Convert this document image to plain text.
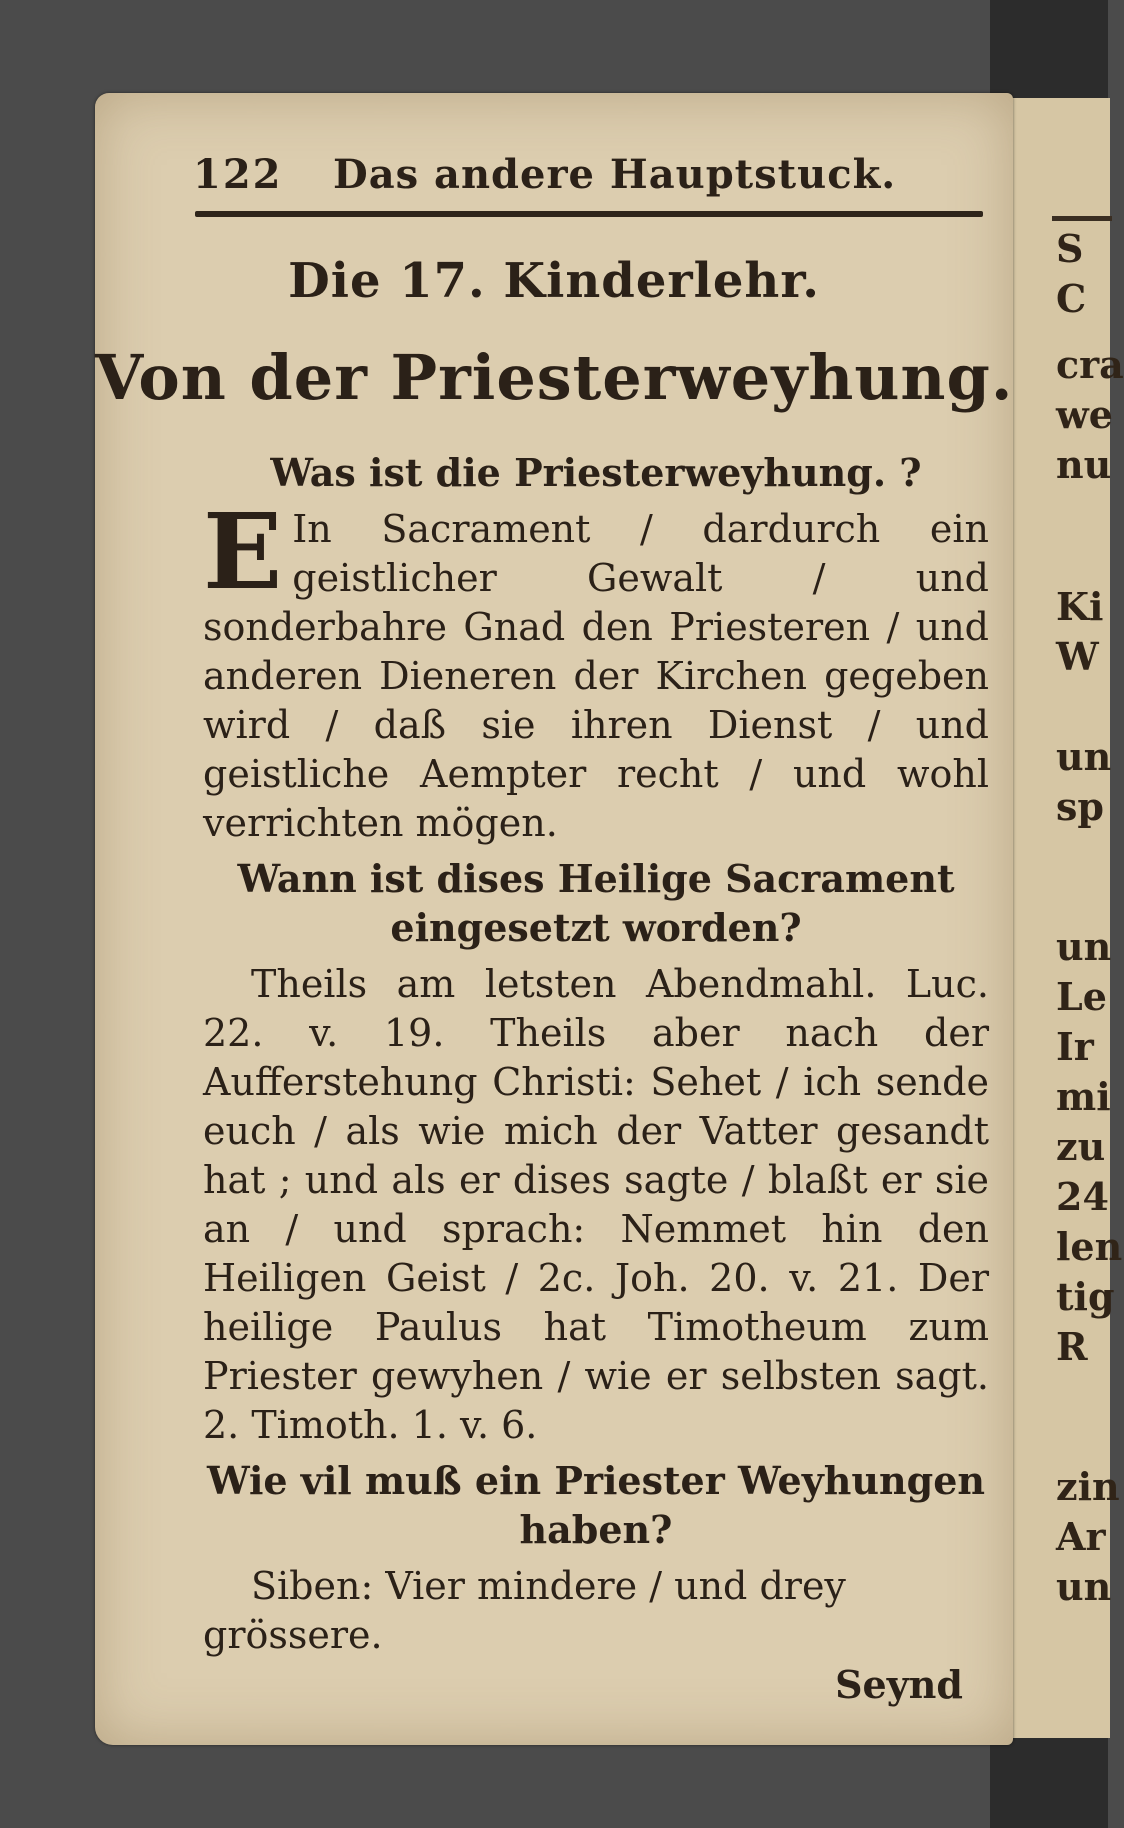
S
C
cra
we
nu
Ki
W
un
sp
un
Le
Ir
mi
zu
24
len
tig
R
zin
Ar
un
122 Das andere Hauptstuck.
Die 17. Kinderlehr.
Von der Priesterweyhung.

Was ist die Priesterweyhung. ?

E In Sacrament / dardurch ein geistlicher Gewalt / und sonderbahre Gnad den Priesteren / und anderen Dieneren der Kirchen gegeben wird / daß sie ihren Dienst / und geistliche Aempter recht / und wohl verrichten mögen.

Wann ist dises Heilige Sacrament eingesetzt worden?

Theils am letsten Abendmahl. Luc. 22. v. 19. Theils aber nach der Aufferstehung Christi: Sehet / ich sende euch / als wie mich der Vatter gesandt hat ; und als er dises sagte / blaßt er sie an / und sprach: Nemmet hin den Heiligen Geist / 2c. Joh. 20. v. 21. Der heilige Paulus hat Timotheum zum Priester gewyhen / wie er selbsten sagt. 2. Timoth. 1. v. 6.

Wie vil muß ein Priester Weyhungen haben?

Siben: Vier mindere / und drey grössere.

Seynd
